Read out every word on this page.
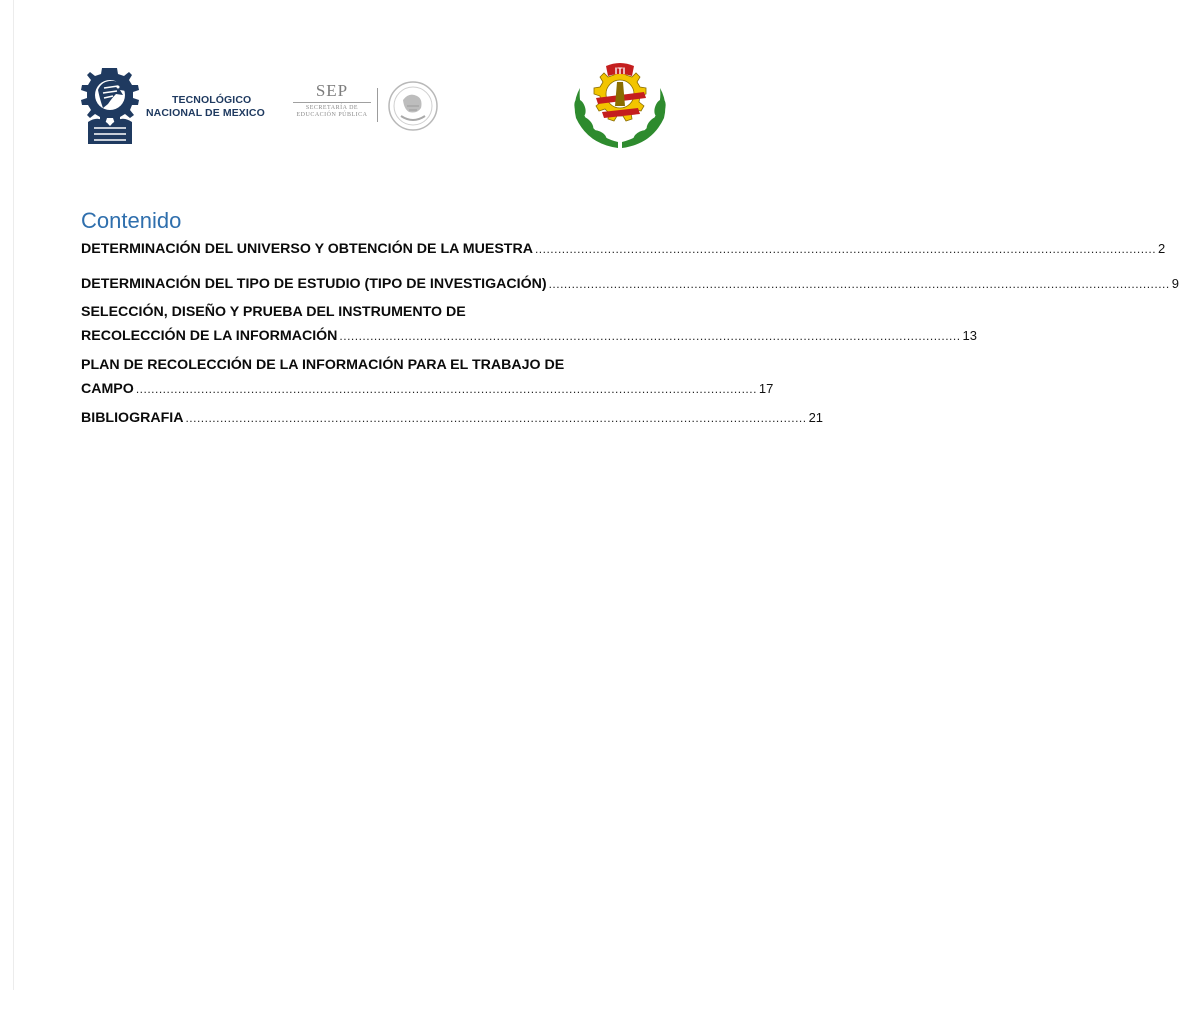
TECNOLÓGICO
NACIONAL DE MEXICO
SEP
SECRETARÍA DE
EDUCACIÓN PÚBLICA
ITI
Contenido
DETERMINACIÓN DEL UNIVERSO Y OBTENCIÓN DE LA MUESTRA .................................................................................................................................................................. 2
DETERMINACIÓN DEL TIPO DE ESTUDIO (TIPO DE INVESTIGACIÓN) .................................................................................................................................................................. 9
SELECCIÓN, DISEÑO Y PRUEBA DEL INSTRUMENTO DE
RECOLECCIÓN DE LA INFORMACIÓN .................................................................................................................................................................. 13
PLAN DE RECOLECCIÓN DE LA INFORMACIÓN PARA EL TRABAJO DE
CAMPO .................................................................................................................................................................. 17
BIBLIOGRAFIA .................................................................................................................................................................. 21
